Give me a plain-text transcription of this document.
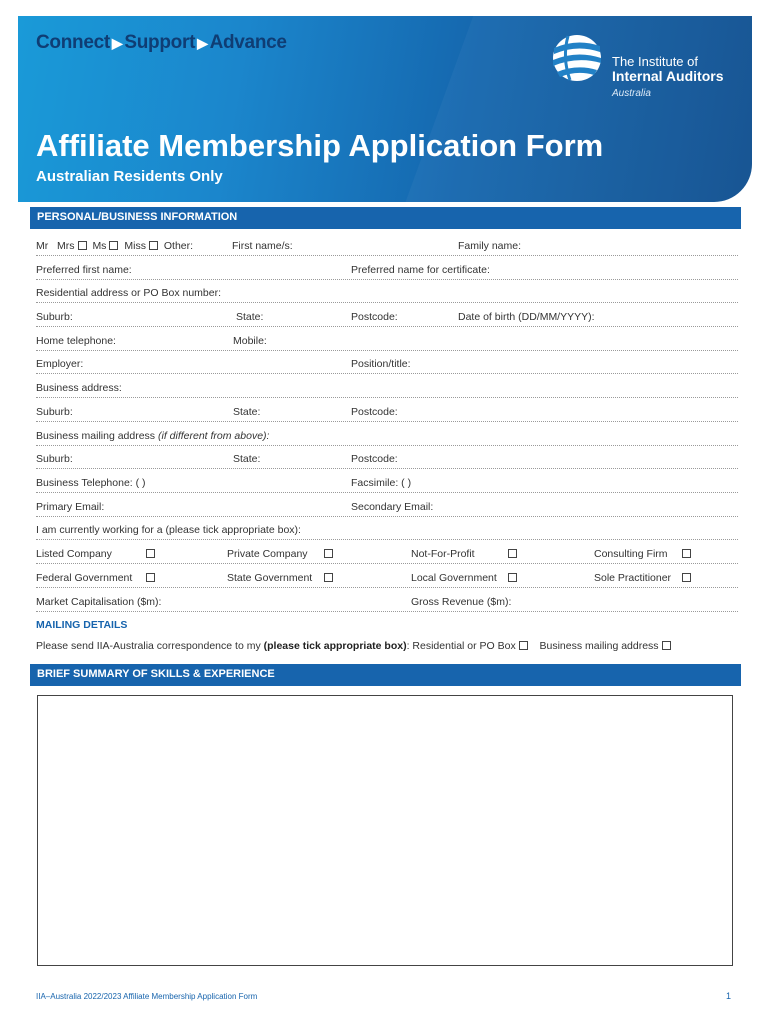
Connect ▶ Support ▶ Advance
The Institute of
Internal Auditors
Australia
Affiliate Membership Application Form
Australian Residents Only
PERSONAL/BUSINESS INFORMATION
Mr Mrs Ms Miss Other:	First name/s:	Family name:
Preferred first name:	Preferred name for certificate:
Residential address or PO Box number:
Suburb:	State:	Postcode:	Date of birth (DD/MM/YYYY):
Home telephone:	Mobile:
Employer:	Position/title:
Business address:
Suburb:	State:	Postcode:
Business mailing address (if different from above):
Suburb:	State:	Postcode:
Business Telephone: ( )	Facsimile: ( )
Primary Email:	Secondary Email:
I am currently working for a (please tick appropriate box):
Listed Company	Private Company	Not-For-Profit	Consulting Firm
Federal Government	State Government	Local Government	Sole Practitioner
Market Capitalisation ($m):	Gross Revenue ($m):
MAILING DETAILS
Please send IIA-Australia correspondence to my (please tick appropriate box): Residential or PO Box Business mailing address
BRIEF SUMMARY OF SKILLS & EXPERIENCE
IIA–Australia 2022/2023 Affiliate Membership Application Form	1
